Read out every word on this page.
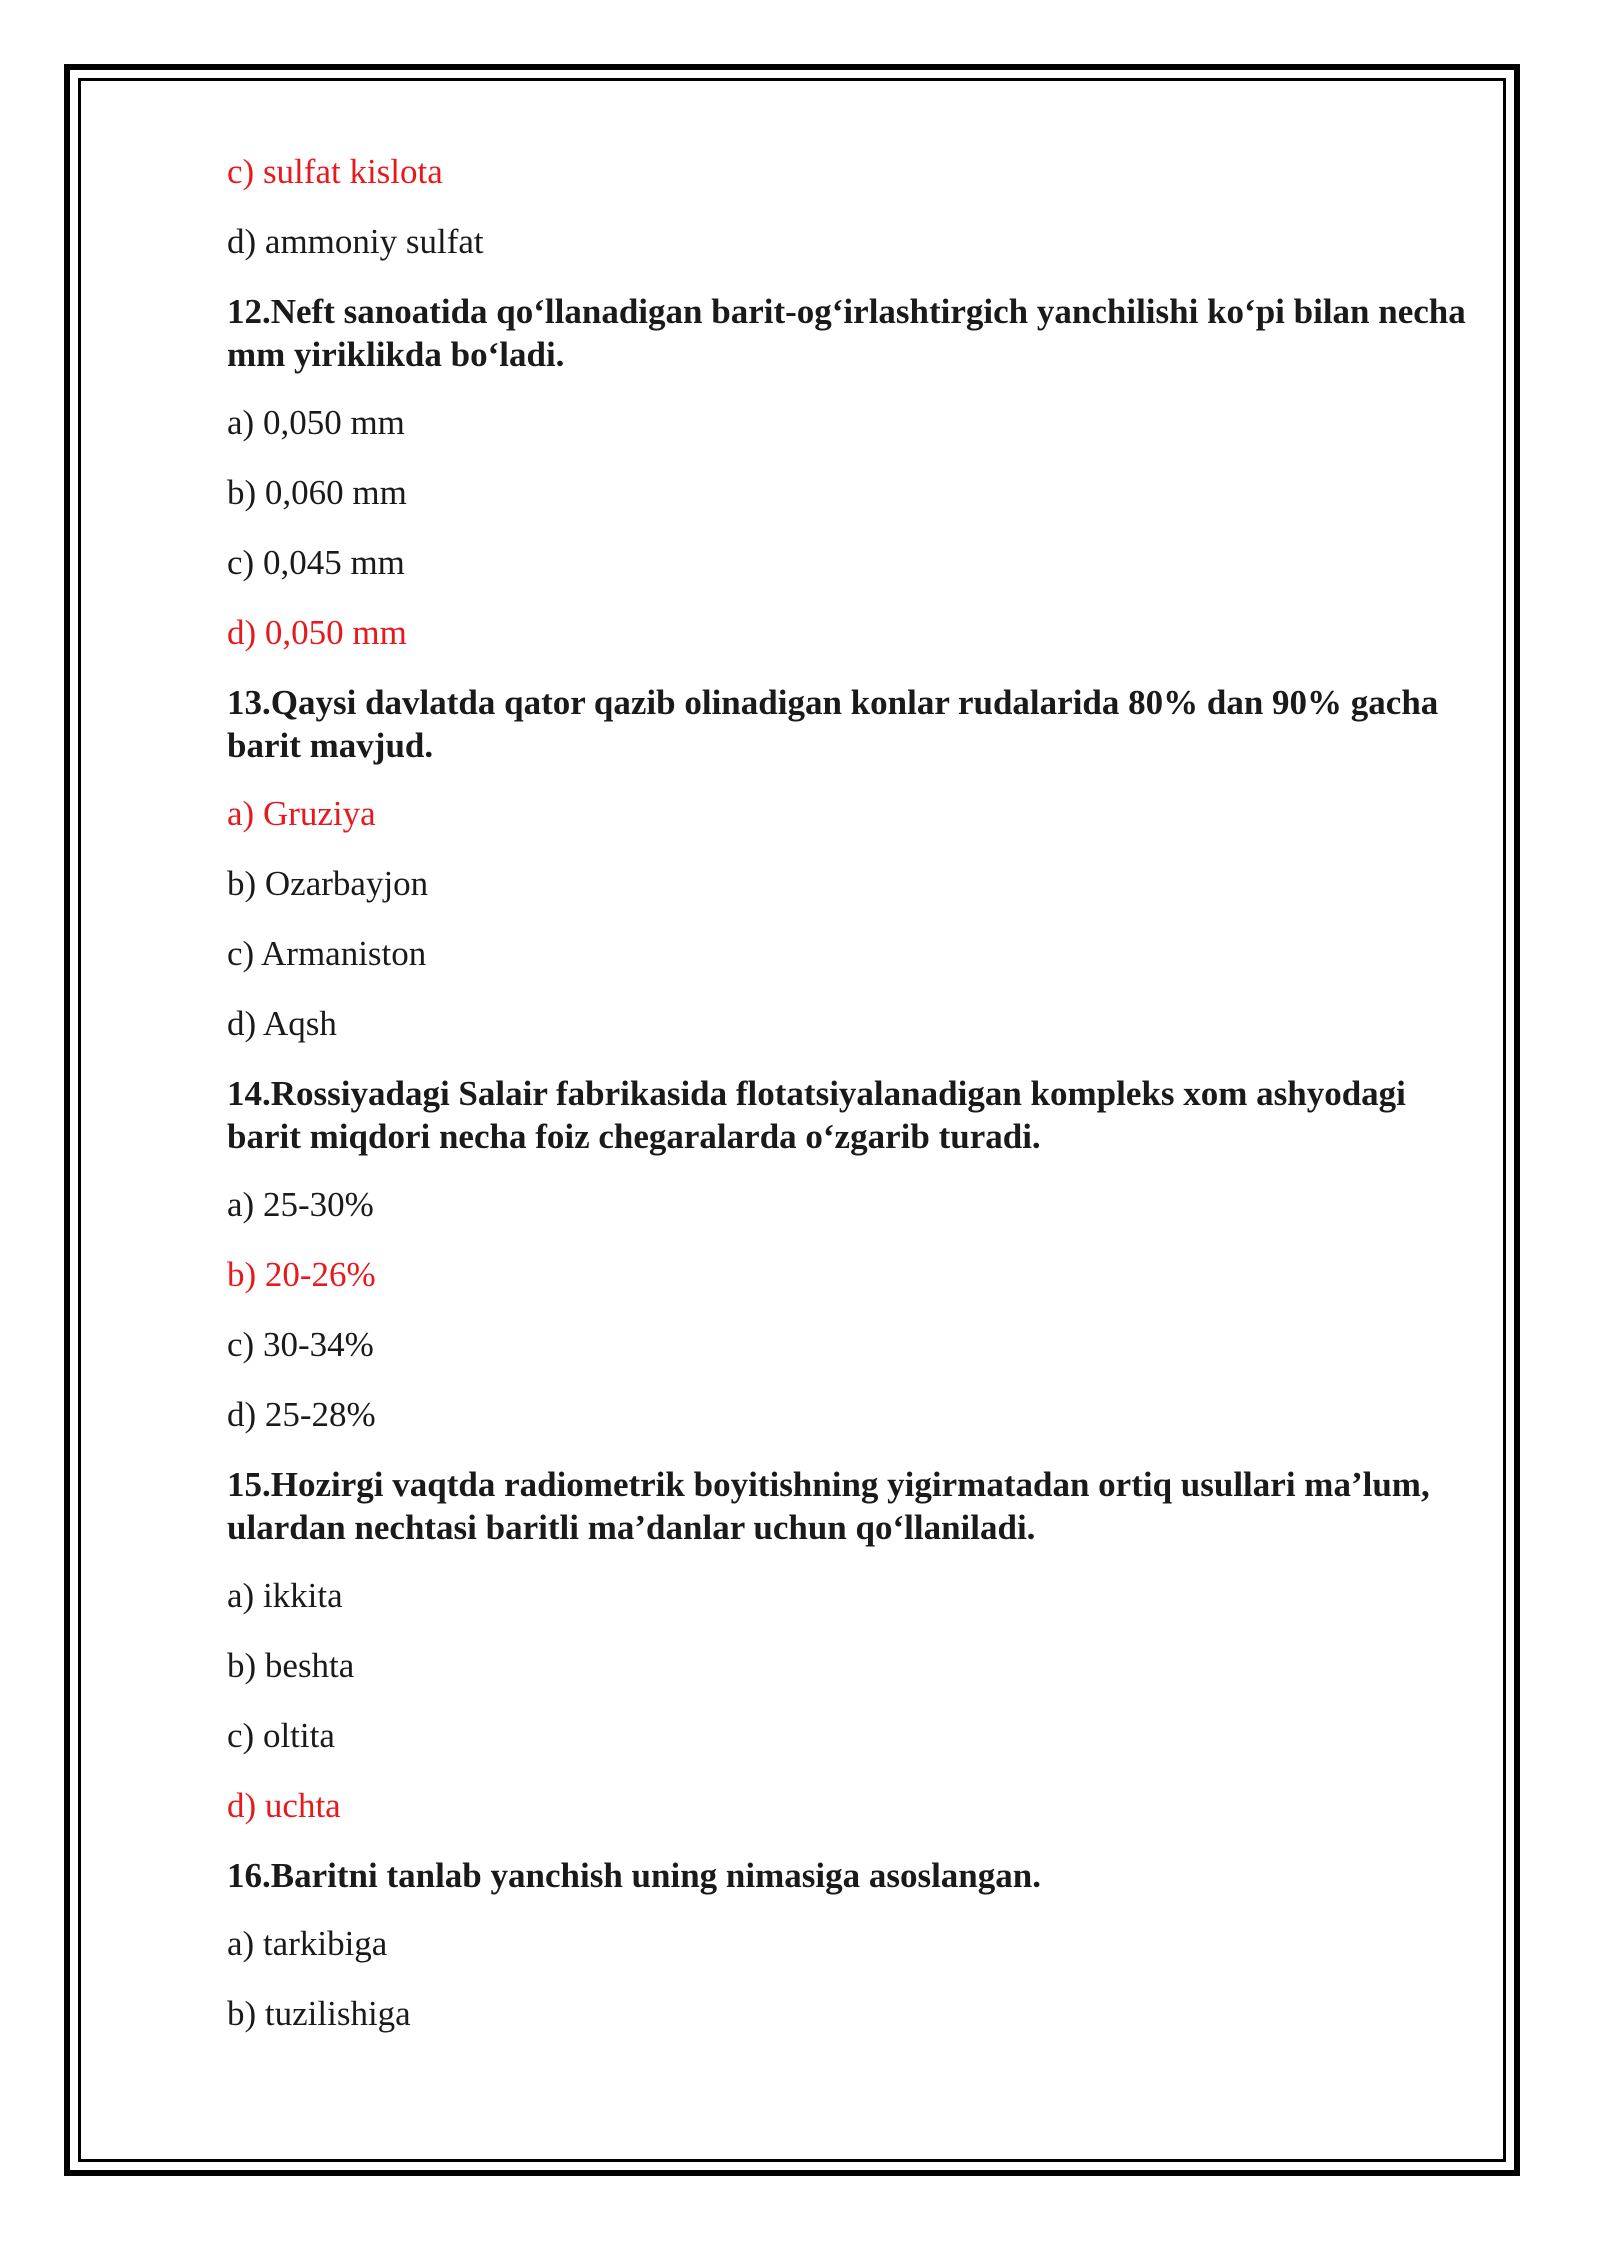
c) sulfat kislota

d) ammoniy sulfat

12.Neft sanoatida qo‘llanadigan barit-og‘irlashtirgich yanchilishi ko‘pi bilan necha mm yiriklikda bo‘ladi.

a) 0,050 mm

b) 0,060 mm

c) 0,045 mm

d) 0,050 mm

13.Qaysi davlatda qator qazib olinadigan konlar rudalarida 80% dan 90% gacha barit mavjud.

a) Gruziya

b) Ozarbayjon

c) Armaniston

d) Aqsh

14.Rossiyadagi Salair fabrikasida flotatsiyalanadigan kompleks xom ashyodagi barit miqdori necha foiz chegaralarda o‘zgarib turadi.

a) 25-30%

b) 20-26%

c) 30-34%

d) 25-28%

15.Hozirgi vaqtda radiometrik boyitishning yigirmatadan ortiq usullari ma’lum, ulardan nechtasi baritli ma’danlar uchun qo‘llaniladi.

a) ikkita

b) beshta

c) oltita

d) uchta

16.Baritni tanlab yanchish uning nimasiga asoslangan.

a) tarkibiga

b) tuzilishiga
